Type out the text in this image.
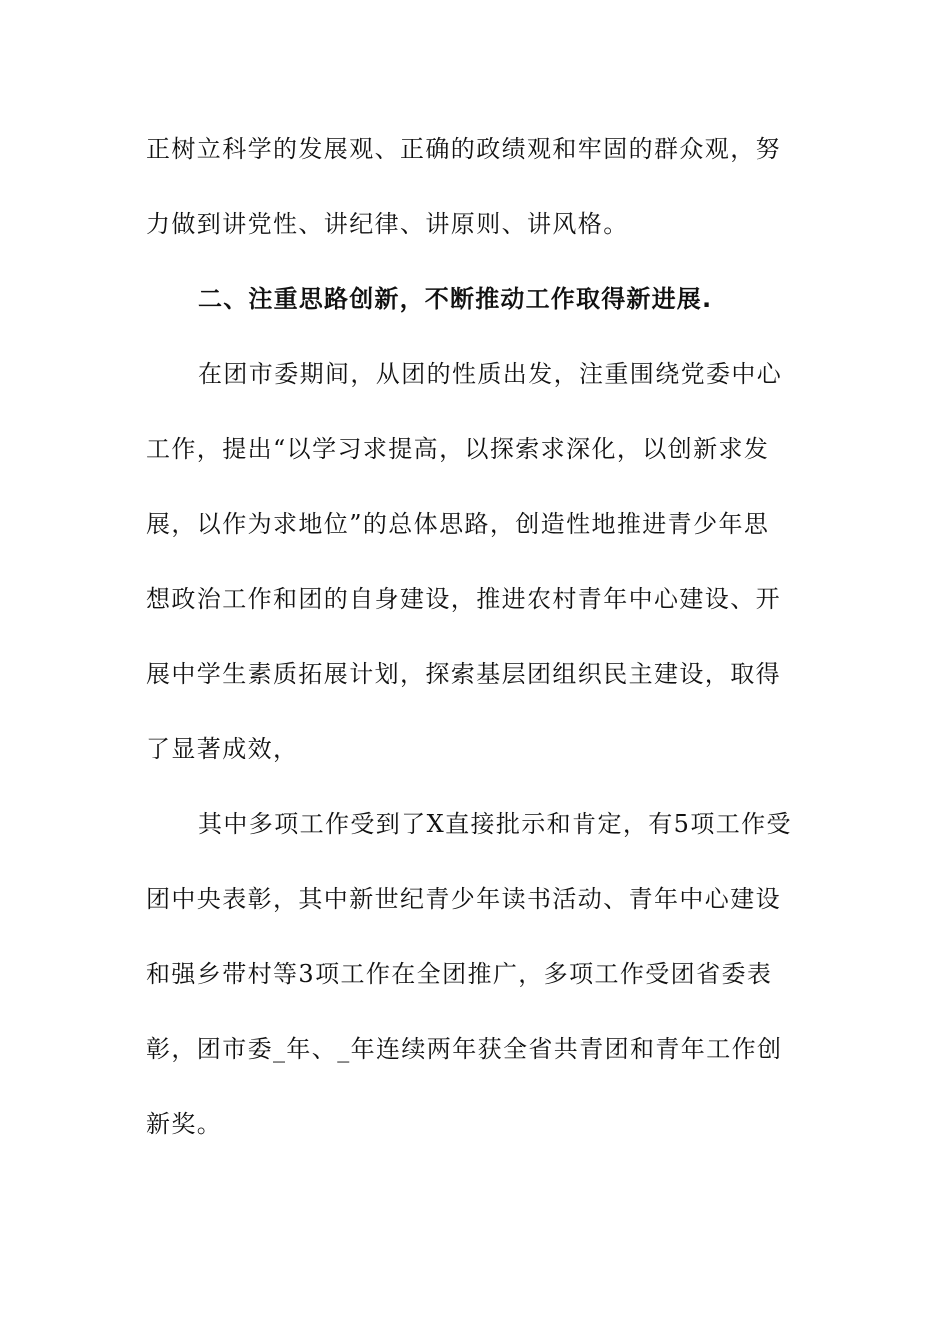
正树立科学的发展观、正确的政绩观和牢固的群众观，努
力做到讲党性、讲纪律、讲原则、讲风格。
二、注重思路创新，不断推动工作取得新进展.
在团市委期间，从团的性质出发，注重围绕党委中心
工作，提出“以学习求提高，以探索求深化，以创新求发
展，以作为求地位”的总体思路，创造性地推进青少年思
想政治工作和团的自身建设，推进农村青年中心建设、开
展中学生素质拓展计划，探索基层团组织民主建设，取得
了显著成效，
其中多项工作受到了X直接批示和肯定，有5项工作受
团中央表彰，其中新世纪青少年读书活动、青年中心建设
和强乡带村等3项工作在全团推广，多项工作受团省委表
彰，团市委_年、_年连续两年获全省共青团和青年工作创
新奖。
